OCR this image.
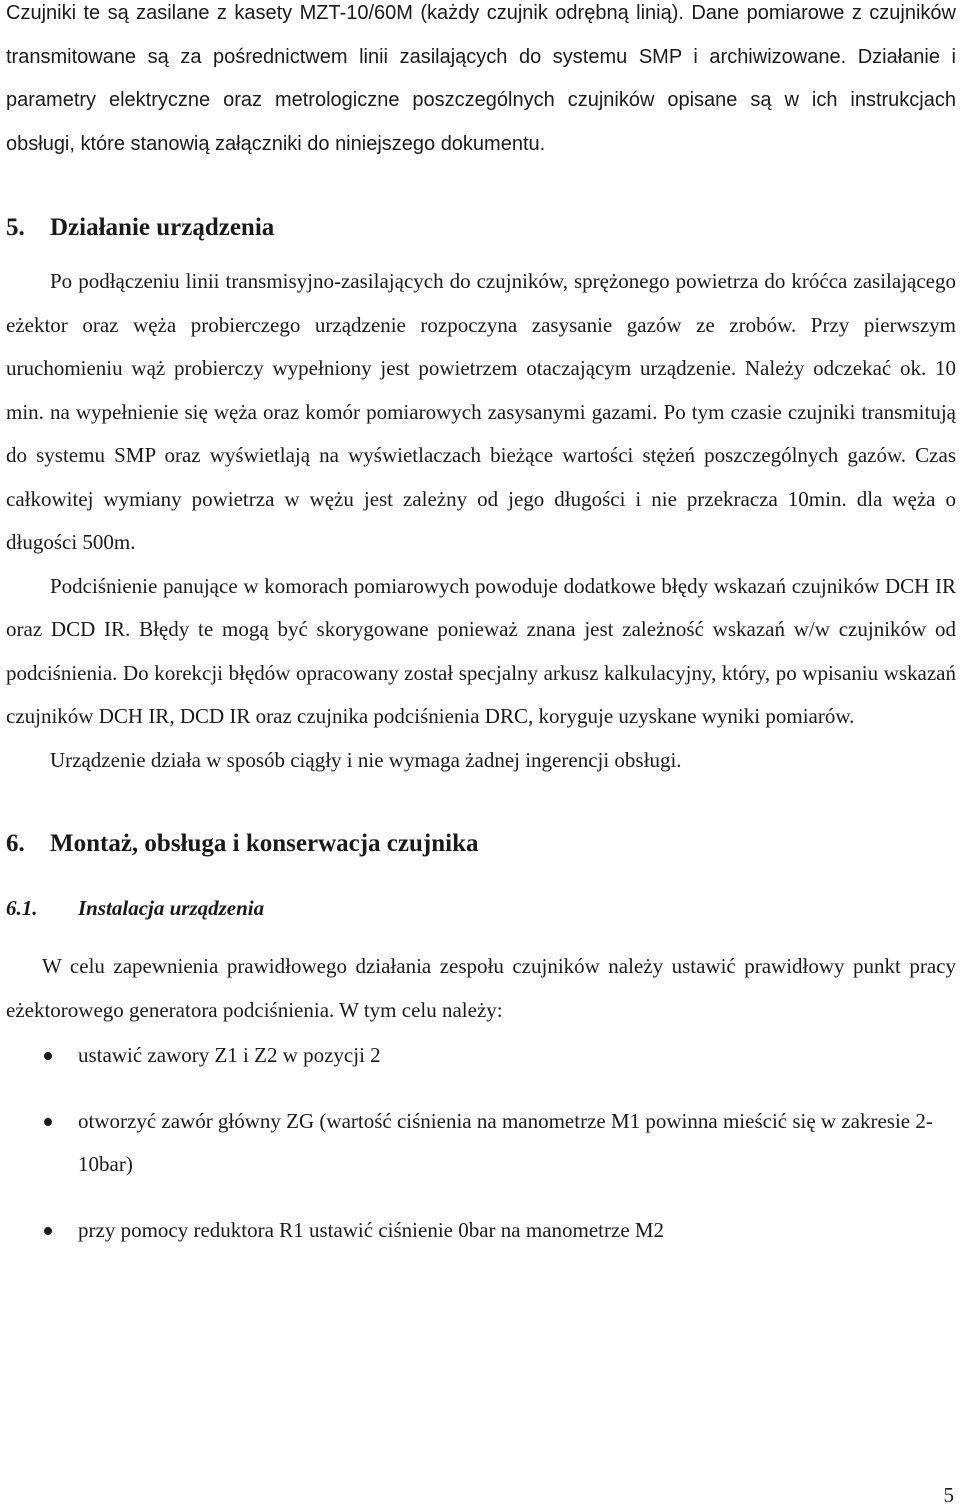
Czujniki te są zasilane z kasety MZT-10/60M (każdy czujnik odrębną linią). Dane pomiarowe z czujników transmitowane są za pośrednictwem linii zasilających do systemu SMP i archiwizowane. Działanie i parametry elektryczne oraz metrologiczne poszczególnych czujników opisane są w ich instrukcjach obsługi, które stanowią załączniki do niniejszego dokumentu.

5. Działanie urządzenia

Po podłączeniu linii transmisyjno-zasilających do czujników, sprężonego powietrza do króćca zasilającego eżektor oraz węża probierczego urządzenie rozpoczyna zasysanie gazów ze zrobów. Przy pierwszym uruchomieniu wąż probierczy wypełniony jest powietrzem otaczającym urządzenie. Należy odczekać ok. 10 min. na wypełnienie się węża oraz komór pomiarowych zasysanymi gazami. Po tym czasie czujniki transmitują do systemu SMP oraz wyświetlają na wyświetlaczach bieżące wartości stężeń poszczególnych gazów. Czas całkowitej wymiany powietrza w wężu jest zależny od jego długości i nie przekracza 10min. dla węża o długości 500m.

Podciśnienie panujące w komorach pomiarowych powoduje dodatkowe błędy wskazań czujników DCH IR oraz DCD IR. Błędy te mogą być skorygowane ponieważ znana jest zależność wskazań w/w czujników od podciśnienia. Do korekcji błędów opracowany został specjalny arkusz kalkulacyjny, który, po wpisaniu wskazań czujników DCH IR, DCD IR oraz czujnika podciśnienia DRC, koryguje uzyskane wyniki pomiarów.

Urządzenie działa w sposób ciągły i nie wymaga żadnej ingerencji obsługi.

6. Montaż, obsługa i konserwacja czujnika
6.1. Instalacja urządzenia

W celu zapewnienia prawidłowego działania zespołu czujników należy ustawić prawidłowy punkt pracy eżektorowego generatora podciśnienia. W tym celu należy:

ustawić zawory Z1 i Z2 w pozycji 2
otworzyć zawór główny ZG (wartość ciśnienia na manometrze M1 powinna mieścić się w zakresie 2-10bar)
przy pomocy reduktora R1 ustawić ciśnienie 0bar na manometrze M2
5
